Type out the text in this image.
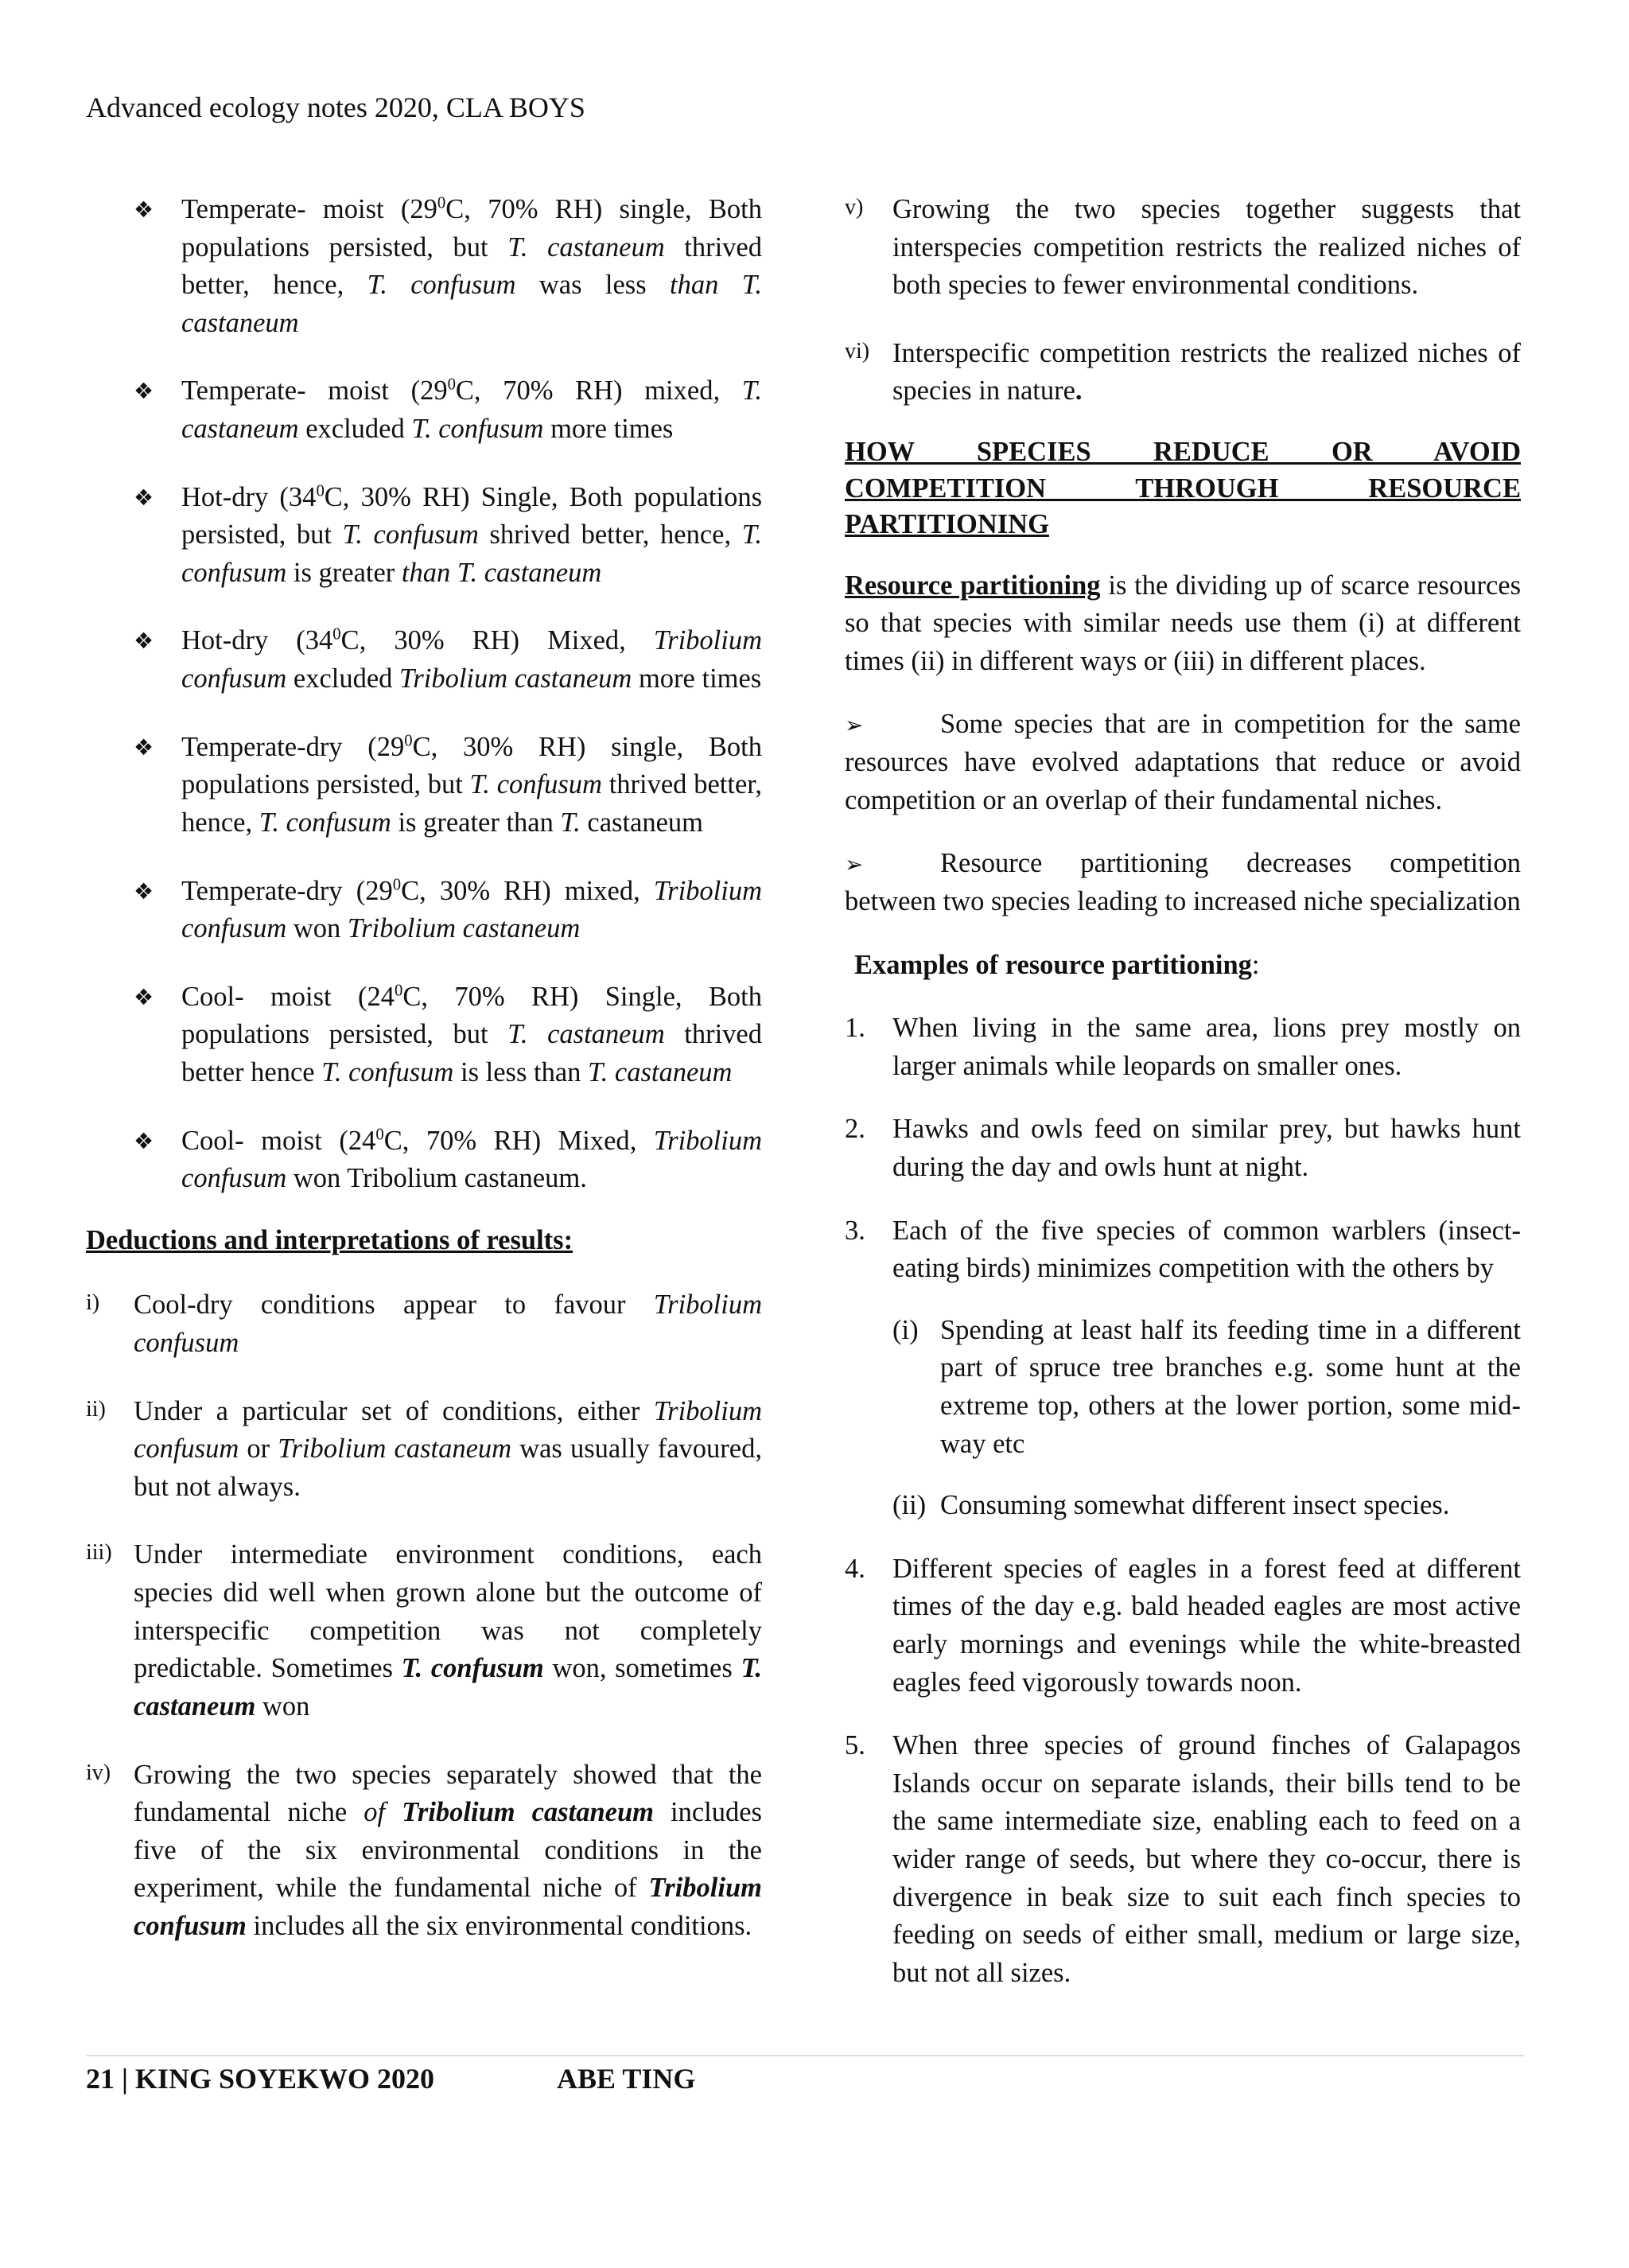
Advanced ecology notes 2020, CLA BOYS
❖ Temperate- moist ($29^0C$, 70% RH) single, Both populations persisted, but T. castaneum thrived better, hence, T. confusum was less than T. castaneum
❖ Temperate- moist ($29^0C$, 70% RH) mixed, T. castaneum excluded T. confusum more times
❖ Hot-dry ($34^0C$, 30% RH) Single, Both populations persisted, but T. confusum shrived better, hence, T. confusum is greater than T. castaneum
❖ Hot-dry ($34^0C$, 30% RH) Mixed, Tribolium confusum excluded Tribolium castaneum more times
❖ Temperate-dry ($29^0C$, 30% RH) single, Both populations persisted, but T. confusum thrived better, hence, T. confusum is greater than T. castaneum
❖ Temperate-dry ($29^0C$, 30% RH) mixed, Tribolium confusum won Tribolium castaneum
❖ Cool- moist ($24^0C$, 70% RH) Single, Both populations persisted, but T. castaneum thrived better hence T. confusum is less than T. castaneum
❖ Cool- moist ($24^0C$, 70% RH) Mixed, Tribolium confusum won Tribolium castaneum.
Deductions and interpretations of results:
i) Cool-dry conditions appear to favour Tribolium confusum
ii) Under a particular set of conditions, either Tribolium confusum or Tribolium castaneum was usually favoured, but not always.
iii) Under intermediate environment conditions, each species did well when grown alone but the outcome of interspecific competition was not completely predictable. Sometimes T. confusum won, sometimes T. castaneum won
iv) Growing the two species separately showed that the fundamental niche of Tribolium castaneum includes five of the six environmental conditions in the experiment, while the fundamental niche of Tribolium confusum includes all the six environmental conditions.
v) Growing the two species together suggests that interspecies competition restricts the realized niches of both species to fewer environmental conditions.
vi) Interspecific competition restricts the realized niches of species in nature.
HOW SPECIES REDUCE OR AVOID
COMPETITION THROUGH RESOURCE
PARTITIONING
Resource partitioning is the dividing up of scarce resources so that species with similar needs use them (i) at different times (ii) in different ways or (iii) in different places.
➢	Some species that are in competition for the same resources have evolved adaptations that reduce or avoid competition or an overlap of their fundamental niches.
➢	Resource partitioning decreases competition between two species leading to increased niche specialization
Examples of resource partitioning:
1. When living in the same area, lions prey mostly on larger animals while leopards on smaller ones.
2. Hawks and owls feed on similar prey, but hawks hunt during the day and owls hunt at night.
3. Each of the five species of common warblers (insect-eating birds) minimizes competition with the others by
(i) Spending at least half its feeding time in a different part of spruce tree branches e.g. some hunt at the extreme top, others at the lower portion, some mid-way etc
(ii) Consuming somewhat different insect species.
4. Different species of eagles in a forest feed at different times of the day e.g. bald headed eagles are most active early mornings and evenings while the white-breasted eagles feed vigorously towards noon.
5. When three species of ground finches of Galapagos Islands occur on separate islands, their bills tend to be the same intermediate size, enabling each to feed on a wider range of seeds, but where they co-occur, there is divergence in beak size to suit each finch species to feeding on seeds of either small, medium or large size, but not all sizes.
21 | KING SOYEKWO 2020	ABE TING
